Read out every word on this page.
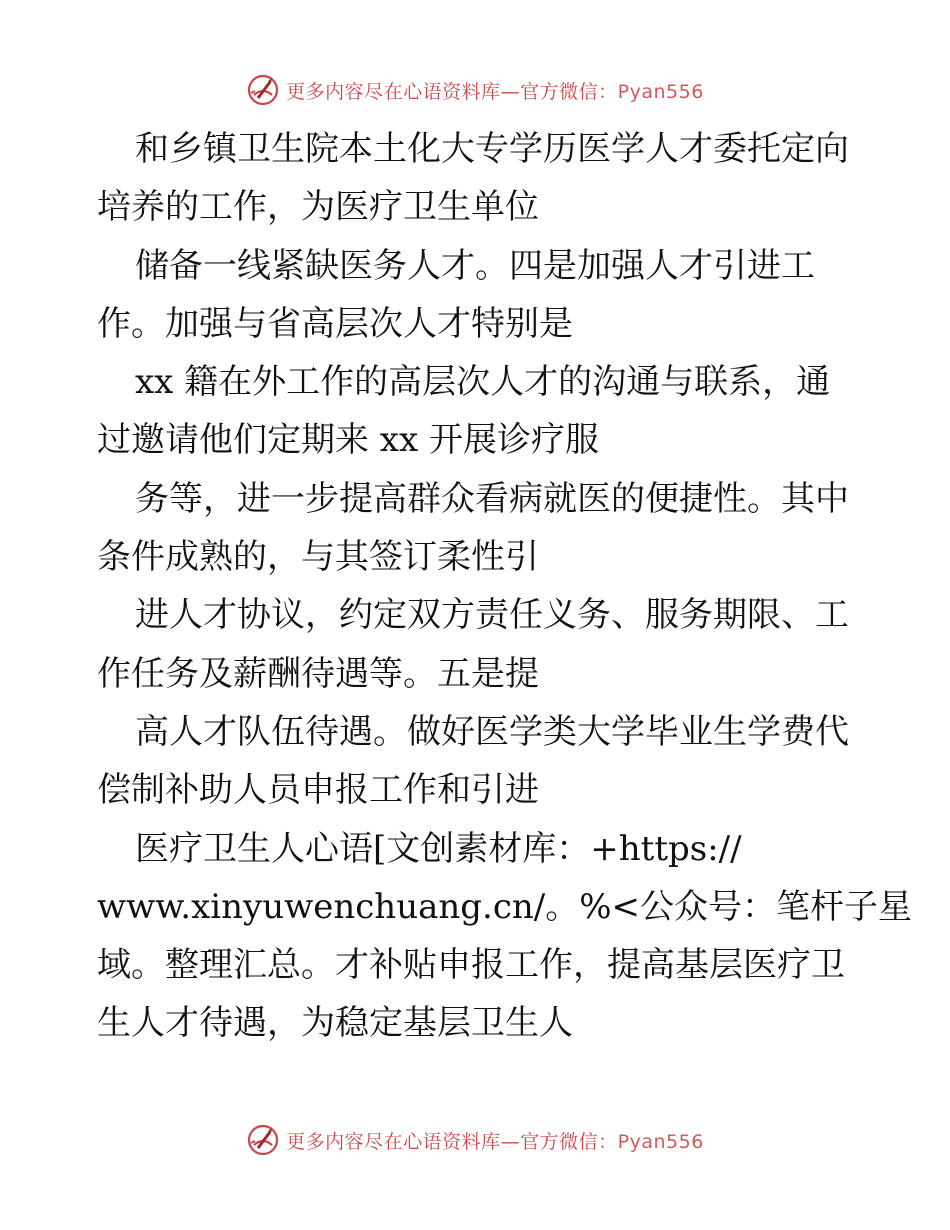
更多内容尽在心语资料库—官方微信：Pyan556
和乡镇卫生院本土化大专学历医学人才委托定向
培养的工作，为医疗卫生单位
储备一线紧缺医务人才。四是加强人才引进工
作。加强与省高层次人才特别是
xx 籍在外工作的高层次人才的沟通与联系，通
过邀请他们定期来 xx 开展诊疗服
务等，进一步提高群众看病就医的便捷性。其中
条件成熟的，与其签订柔性引
进人才协议，约定双方责任义务、服务期限、工
作任务及薪酬待遇等。五是提
高人才队伍待遇。做好医学类大学毕业生学费代
偿制补助人员申报工作和引进
医疗卫生人心语[文创素材库：+https://
www.xinyuwenchuang.cn/。%<公众号：笔杆子星
域。整理汇总。才补贴申报工作，提高基层医疗卫
生人才待遇，为稳定基层卫生人
更多内容尽在心语资料库—官方微信：Pyan556
